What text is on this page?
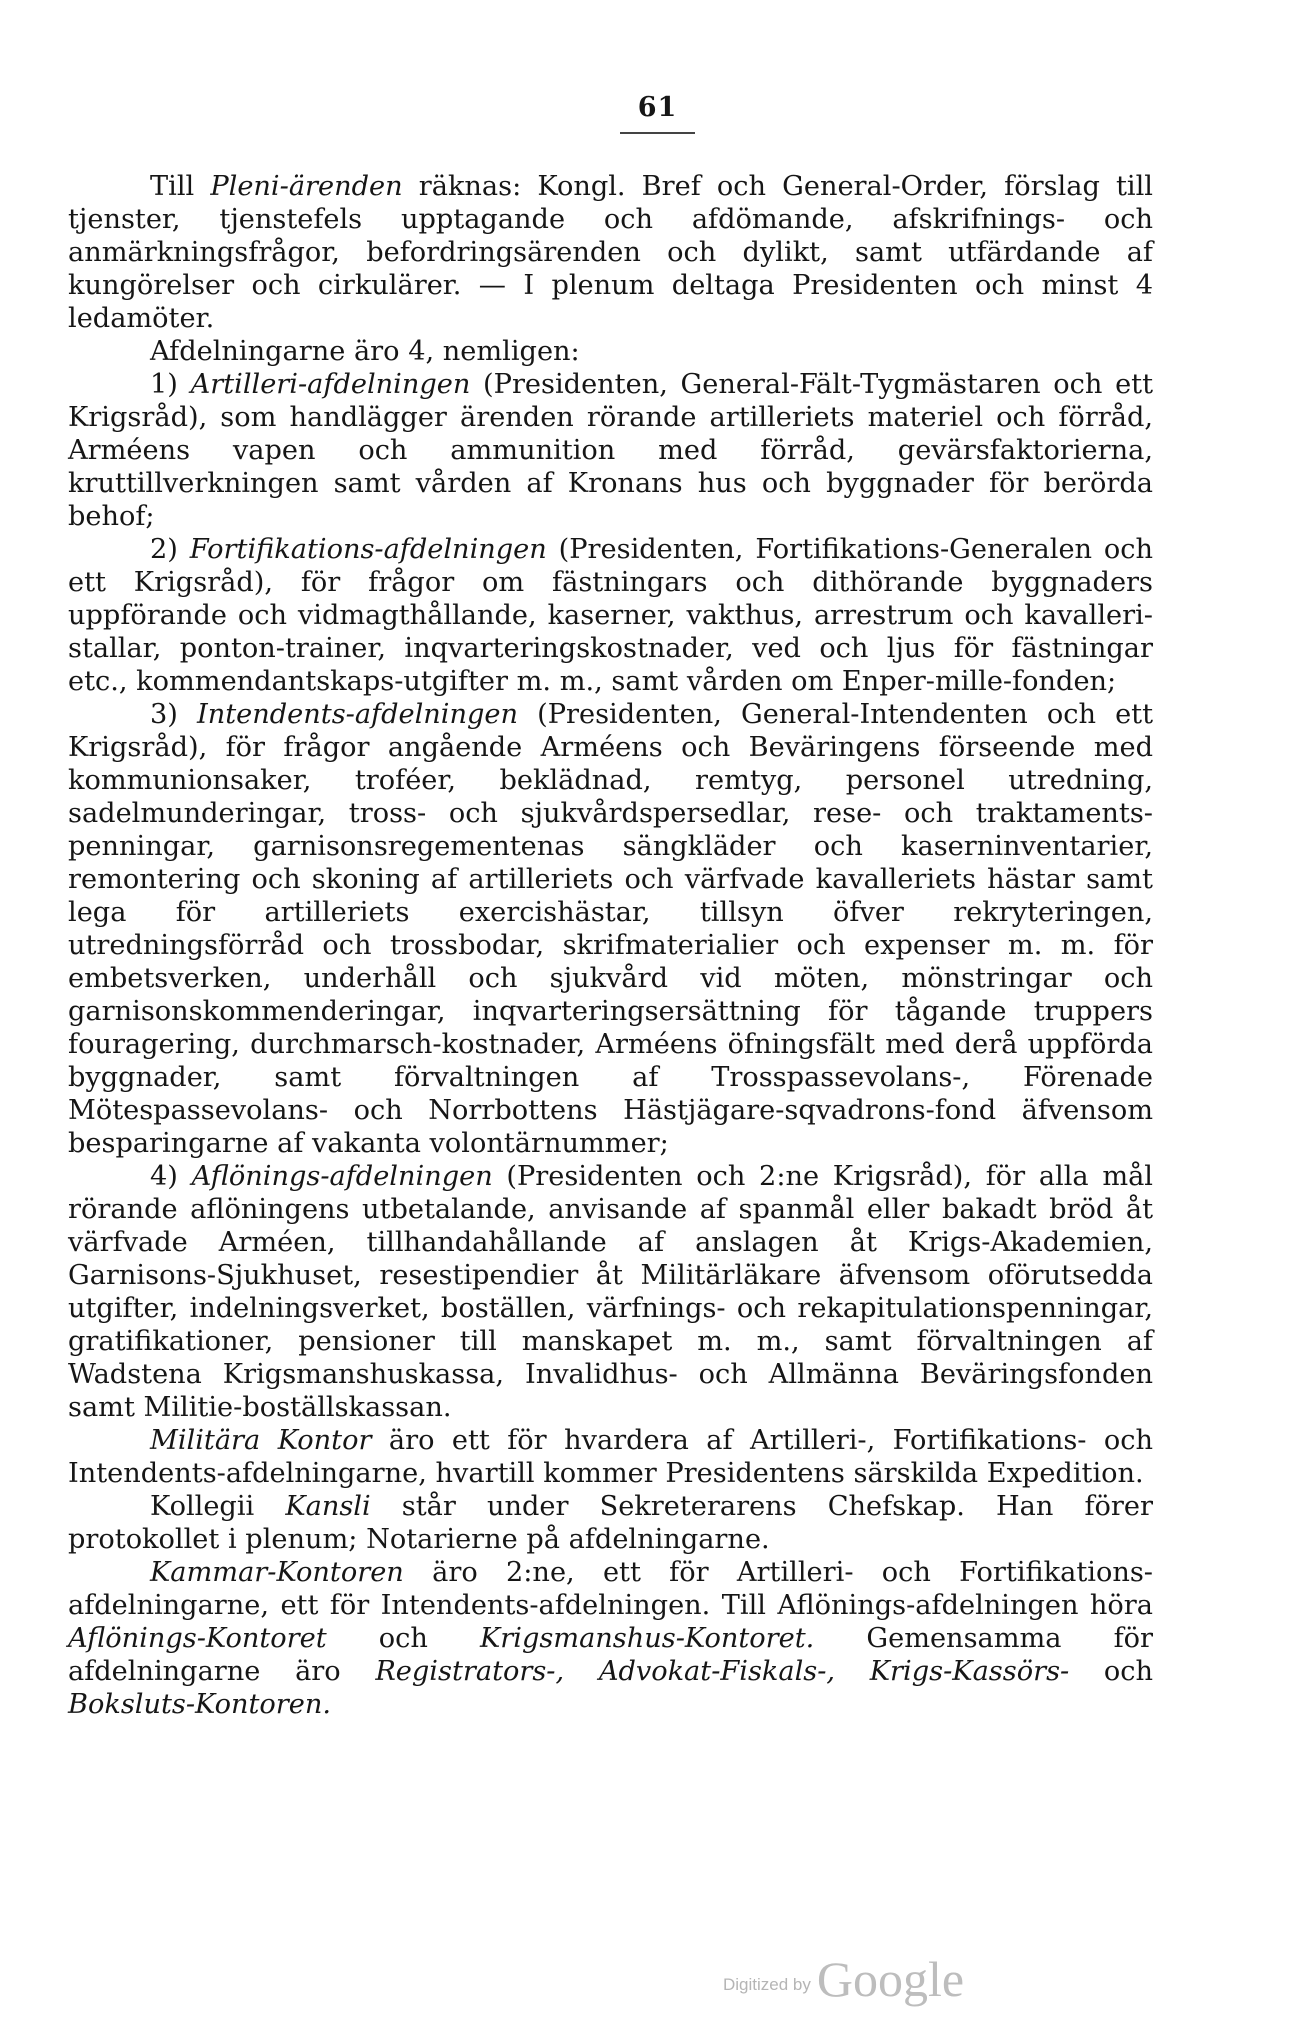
61

Till Pleni-ärenden räknas: Kongl. Bref och General-Order, förslag till tjenster, tjenstefels upptagande och afdömande, afskrifnings- och anmärkningsfrågor, befordringsärenden och dylikt, samt utfärdande af kungörelser och cirkulärer. — I plenum deltaga Presidenten och minst 4 ledamöter.

Afdelningarne äro 4, nemligen:

1) Artilleri-afdelningen (Presidenten, General-Fält-Tygmästaren och ett Krigsråd), som handlägger ärenden rörande artilleriets materiel och förråd, Arméens vapen och ammunition med förråd, gevärsfaktorierna, kruttillverkningen samt vården af Kronans hus och byggnader för berörda behof;

2) Fortifikations-afdelningen (Presidenten, Fortifikations-Generalen och ett Krigsråd), för frågor om fästningars och dithörande byggnaders uppförande och vidmagthållande, kaserner, vakthus, arrestrum och kavalleri-stallar, ponton-trainer, inqvarteringskostnader, ved och ljus för fästningar etc., kommendantskaps-utgifter m. m., samt vården om Enper-mille-fonden;

3) Intendents-afdelningen (Presidenten, General-Intendenten och ett Krigsråd), för frågor angående Arméens och Beväringens förseende med kommunionsaker, troféer, beklädnad, remtyg, personel utredning, sadelmunderingar, tross- och sjukvårdspersedlar, rese- och traktaments-penningar, garnisonsregementenas sängkläder och kaserninventarier, remontering och skoning af artilleriets och värfvade kavalleriets hästar samt lega för artilleriets exercishästar, tillsyn öfver rekryteringen, utredningsförråd och trossbodar, skrifmaterialier och expenser m. m. för embetsverken, underhåll och sjukvård vid möten, mönstringar och garnisonskommenderingar, inqvarteringsersättning för tågande truppers fouragering, durchmarsch-kostnader, Arméens öfningsfält med derå uppförda byggnader, samt förvaltningen af Trosspassevolans-, Förenade Mötespassevolans- och Norrbottens Hästjägare-sqvadrons-fond äfvensom besparingarne af vakanta volontärnummer;

4) Aflönings-afdelningen (Presidenten och 2:ne Krigsråd), för alla mål rörande aflöningens utbetalande, anvisande af spanmål eller bakadt bröd åt värfvade Arméen, tillhandahållande af anslagen åt Krigs-Akademien, Garnisons-Sjukhuset, resestipendier åt Militärläkare äfvensom oförutsedda utgifter, indelningsverket, boställen, värfnings- och rekapitulationspenningar, gratifikationer, pensioner till manskapet m. m., samt förvaltningen af Wadstena Krigsmanshuskassa, Invalidhus- och Allmänna Beväringsfonden samt Militie-boställskassan.

Militära Kontor äro ett för hvardera af Artilleri-, Fortifikations- och Intendents-afdelningarne, hvartill kommer Presidentens särskilda Expedition.

Kollegii Kansli står under Sekreterarens Chefskap. Han förer protokollet i plenum; Notarierne på afdelningarne.

Kammar-Kontoren äro 2:ne, ett för Artilleri- och Fortifikations-afdelningarne, ett för Intendents-afdelningen. Till Aflönings-afdelningen höra Aflönings-Kontoret och Krigsmanshus-Kontoret. Gemensamma för afdelningarne äro Registrators-, Advokat-Fiskals-, Krigs-Kassörs- och Boksluts-Kontoren.

Digitized by Google
